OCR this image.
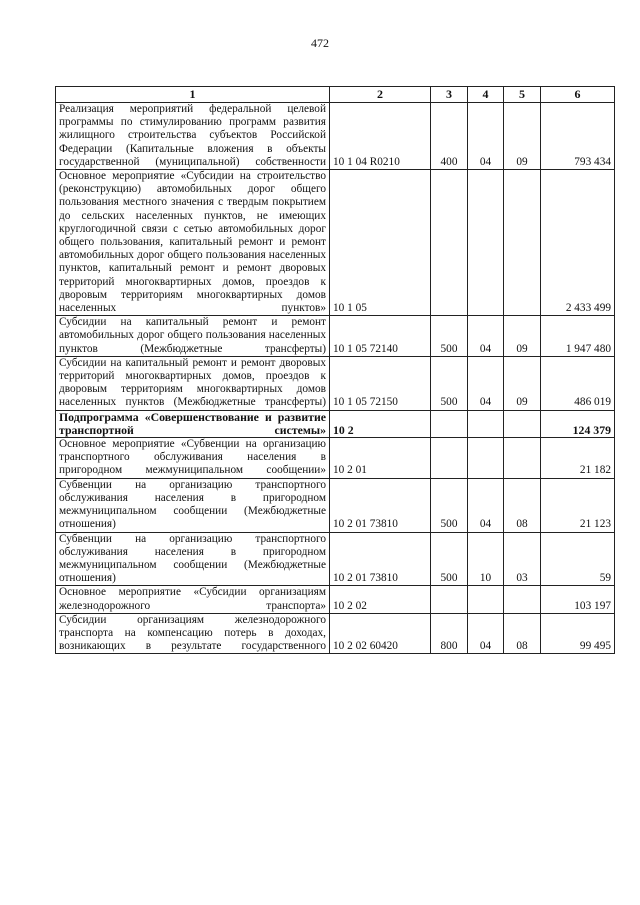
472
1	2	3	4	5	6
Реализация мероприятий федеральной целевой программы по стимулированию программ развития жилищного строительства субъектов Российской Федерации (Капитальные вложения в объекты государственной (муниципальной) собственности	10 1 04 R0210	400	04	09	793 434
Основное мероприятие «Субсидии на строительство (реконструкцию) автомобильных дорог общего пользования местного значения с твердым покрытием до сельских населенных пунктов, не имеющих круглогодичной связи с сетью автомобильных дорог общего пользования, капитальный ремонт и ремонт автомобильных дорог общего пользования населенных пунктов, капитальный ремонт и ремонт дворовых территорий многоквартирных домов, проездов к дворовым территориям многоквартирных домов населенных пунктов»	10 1 05				2 433 499
Субсидии на капитальный ремонт и ремонт автомобильных дорог общего пользования населенных пунктов (Межбюджетные трансферты)	10 1 05 72140	500	04	09	1 947 480
Субсидии на капитальный ремонт и ремонт дворовых территорий многоквартирных домов, проездов к дворовым территориям многоквартирных домов населенных пунктов (Межбюджетные трансферты)	10 1 05 72150	500	04	09	486 019
Подпрограмма «Совершенствование и развитие транспортной системы»	10 2				124 379
Основное мероприятие «Субвенции на организацию транспортного обслуживания населения в пригородном межмуниципальном сообщении»	10 2 01				21 182
Субвенции на организацию транспортного обслуживания населения в пригородном межмуниципальном сообщении (Межбюджетные отношения)	10 2 01 73810	500	04	08	21 123
Субвенции на организацию транспортного обслуживания населения в пригородном межмуниципальном сообщении (Межбюджетные отношения)	10 2 01 73810	500	10	03	59
Основное мероприятие «Субсидии организациям железнодорожного транспорта»	10 2 02				103 197
Субсидии организациям железнодорожного транспорта на компенсацию потерь в доходах, возникающих в результате государственного	10 2 02 60420	800	04	08	99 495
